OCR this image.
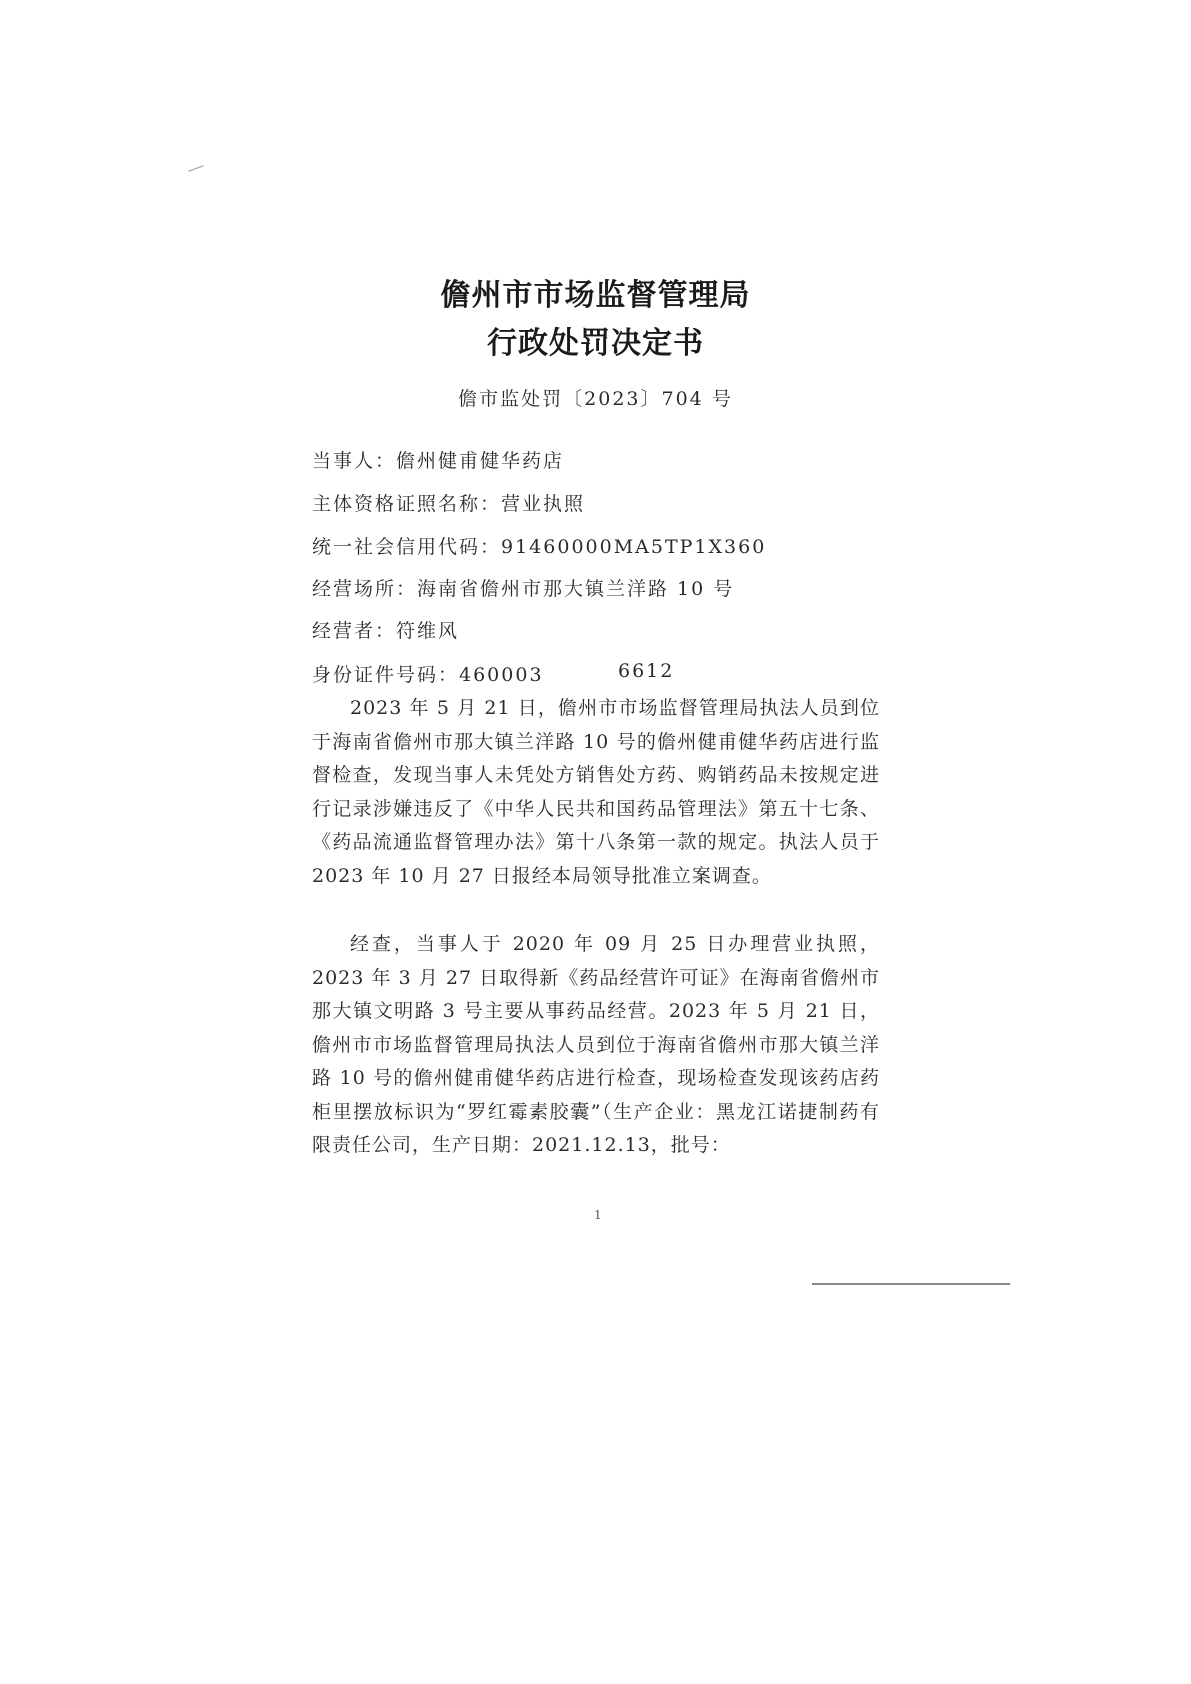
儋州市市场监督管理局
行政处罚决定书
儋市监处罚〔2023〕704 号
当事人：儋州健甫健华药店
主体资格证照名称：营业执照
统一社会信用代码：91460000MA5TP1X360
经营场所：海南省儋州市那大镇兰洋路 10 号
经营者：符维风
身份证件号码：460003	6612
2023 年 5 月 21 日，儋州市市场监督管理局执法人员到位于海南省儋州市那大镇兰洋路 10 号的儋州健甫健华药店进行监督检查，发现当事人未凭处方销售处方药、购销药品未按规定进行记录涉嫌违反了《中华人民共和国药品管理法》第五十七条、《药品流通监督管理办法》第十八条第一款的规定。执法人员于 2023 年 10 月 27 日报经本局领导批准立案调查。
经查，当事人于 2020 年 09 月 25 日办理营业执照，2023 年 3 月 27 日取得新《药品经营许可证》在海南省儋州市那大镇文明路 3 号主要从事药品经营。2023 年 5 月 21 日，儋州市市场监督管理局执法人员到位于海南省儋州市那大镇兰洋路 10 号的儋州健甫健华药店进行检查，现场检查发现该药店药柜里摆放标识为“罗红霉素胶囊”（生产企业：黑龙江诺捷制药有限责任公司，生产日期：2021.12.13，批号：
1
